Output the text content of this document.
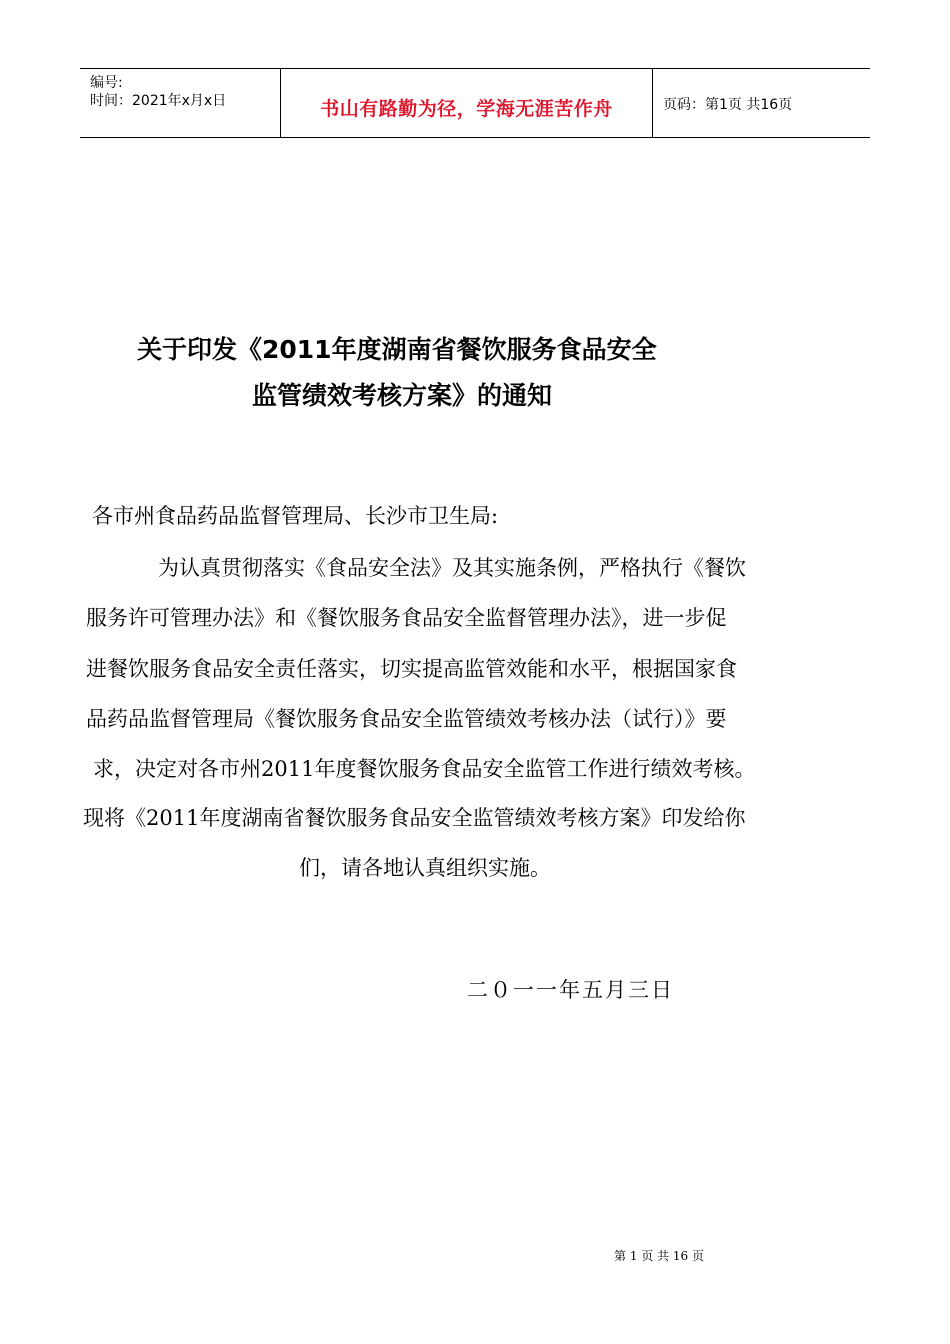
编号:
时间：2021年x月x日	书山有路勤为径，学海无涯苦作舟	页码：第1页 共16页
关于印发《2011年度湖南省餐饮服务食品安全
监管绩效考核方案》的通知
各市州食品药品监督管理局、长沙市卫生局:
为认真贯彻落实《食品安全法》及其实施条例，严格执行《餐饮
服务许可管理办法》和《餐饮服务食品安全监督管理办法》，进一步促
进餐饮服务食品安全责任落实，切实提高监管效能和水平，根据国家食
品药品监督管理局《餐饮服务食品安全监管绩效考核办法（试行）》要
求，决定对各市州2011年度餐饮服务食品安全监管工作进行绩效考核。
现将《2011年度湖南省餐饮服务食品安全监管绩效考核方案》印发给你
们，请各地认真组织实施。
二０一一年五月三日
第 1 页 共 16 页
